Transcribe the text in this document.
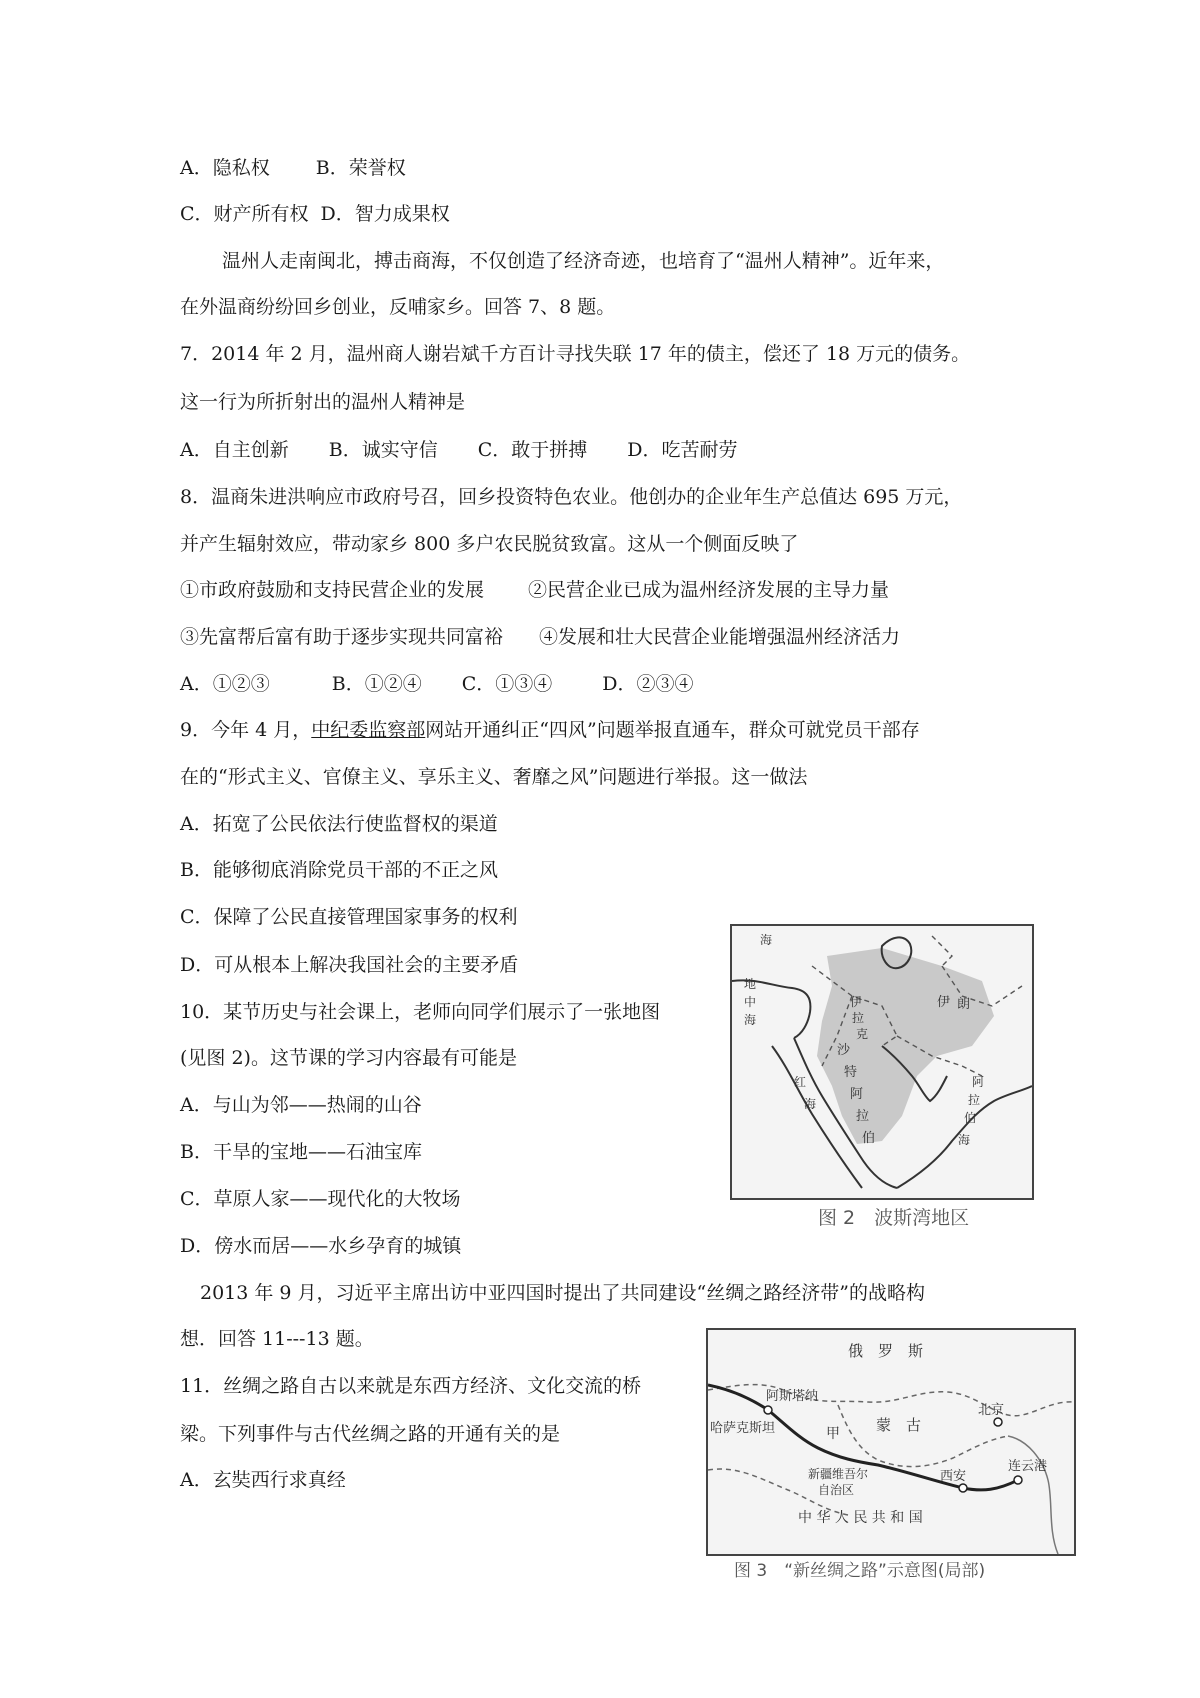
A．隐私权 B．荣誉权
C．财产所有权 D．智力成果权
温州人走南闽北，搏击商海，不仅创造了经济奇迹，也培育了“温州人精神”。近年来，
在外温商纷纷回乡创业，反哺家乡。回答 7、8 题。
7．2014 年 2 月，温州商人谢岩斌千方百计寻找失联 17 年的债主，偿还了 18 万元的债务。
这一行为所折射出的温州人精神是
A．自主创新 B．诚实守信 C．敢于拼搏 D．吃苦耐劳
8．温商朱进洪响应市政府号召，回乡投资特色农业。他创办的企业年生产总值达 695 万元，
并产生辐射效应，带动家乡 800 多户农民脱贫致富。这从一个侧面反映了
①市政府鼓励和支持民营企业的发展 ②民营企业已成为温州经济发展的主导力量
③先富帮后富有助于逐步实现共同富裕 ④发展和壮大民营企业能增强温州经济活力
A．①②③	B．①②④ C．①③④	D．②③④
9．今年 4 月，中纪委监察部网站开通纠正“四风”问题举报直通车，群众可就党员干部存
在的“形式主义、官僚主义、享乐主义、奢靡之风”问题进行举报。这一做法
A．拓宽了公民依法行使监督权的渠道
B．能够彻底消除党员干部的不正之风
C．保障了公民直接管理国家事务的权利
D．可从根本上解决我国社会的主要矛盾
10．某节历史与社会课上，老师向同学们展示了一张地图
(见图 2)。这节课的学习内容最有可能是
A．与山为邻——热闹的山谷
B．干旱的宝地——石油宝库
C．草原人家——现代化的大牧场
D．傍水而居——水乡孕育的城镇
地
中
海
海
伊 朗
伊
拉
克
沙
特
阿
拉
伯
阿
拉
伯
海
红
海
图 2　波斯湾地区
2013 年 9 月，习近平主席出访中亚四国时提出了共同建设“丝绸之路经济带”的战略构
想．回答 11---13 题。
11．丝绸之路自古以来就是东西方经济、文化交流的桥
梁。下列事件与古代丝绸之路的开通有关的是
A．玄奘西行求真经
俄　罗　斯
阿斯塔纳
哈萨克斯坦	甲 蒙　古
北京
新疆维吾尔
自治区
西安
连云港
中 华 人 民 共 和 国
图 3　“新丝绸之路”示意图(局部)
